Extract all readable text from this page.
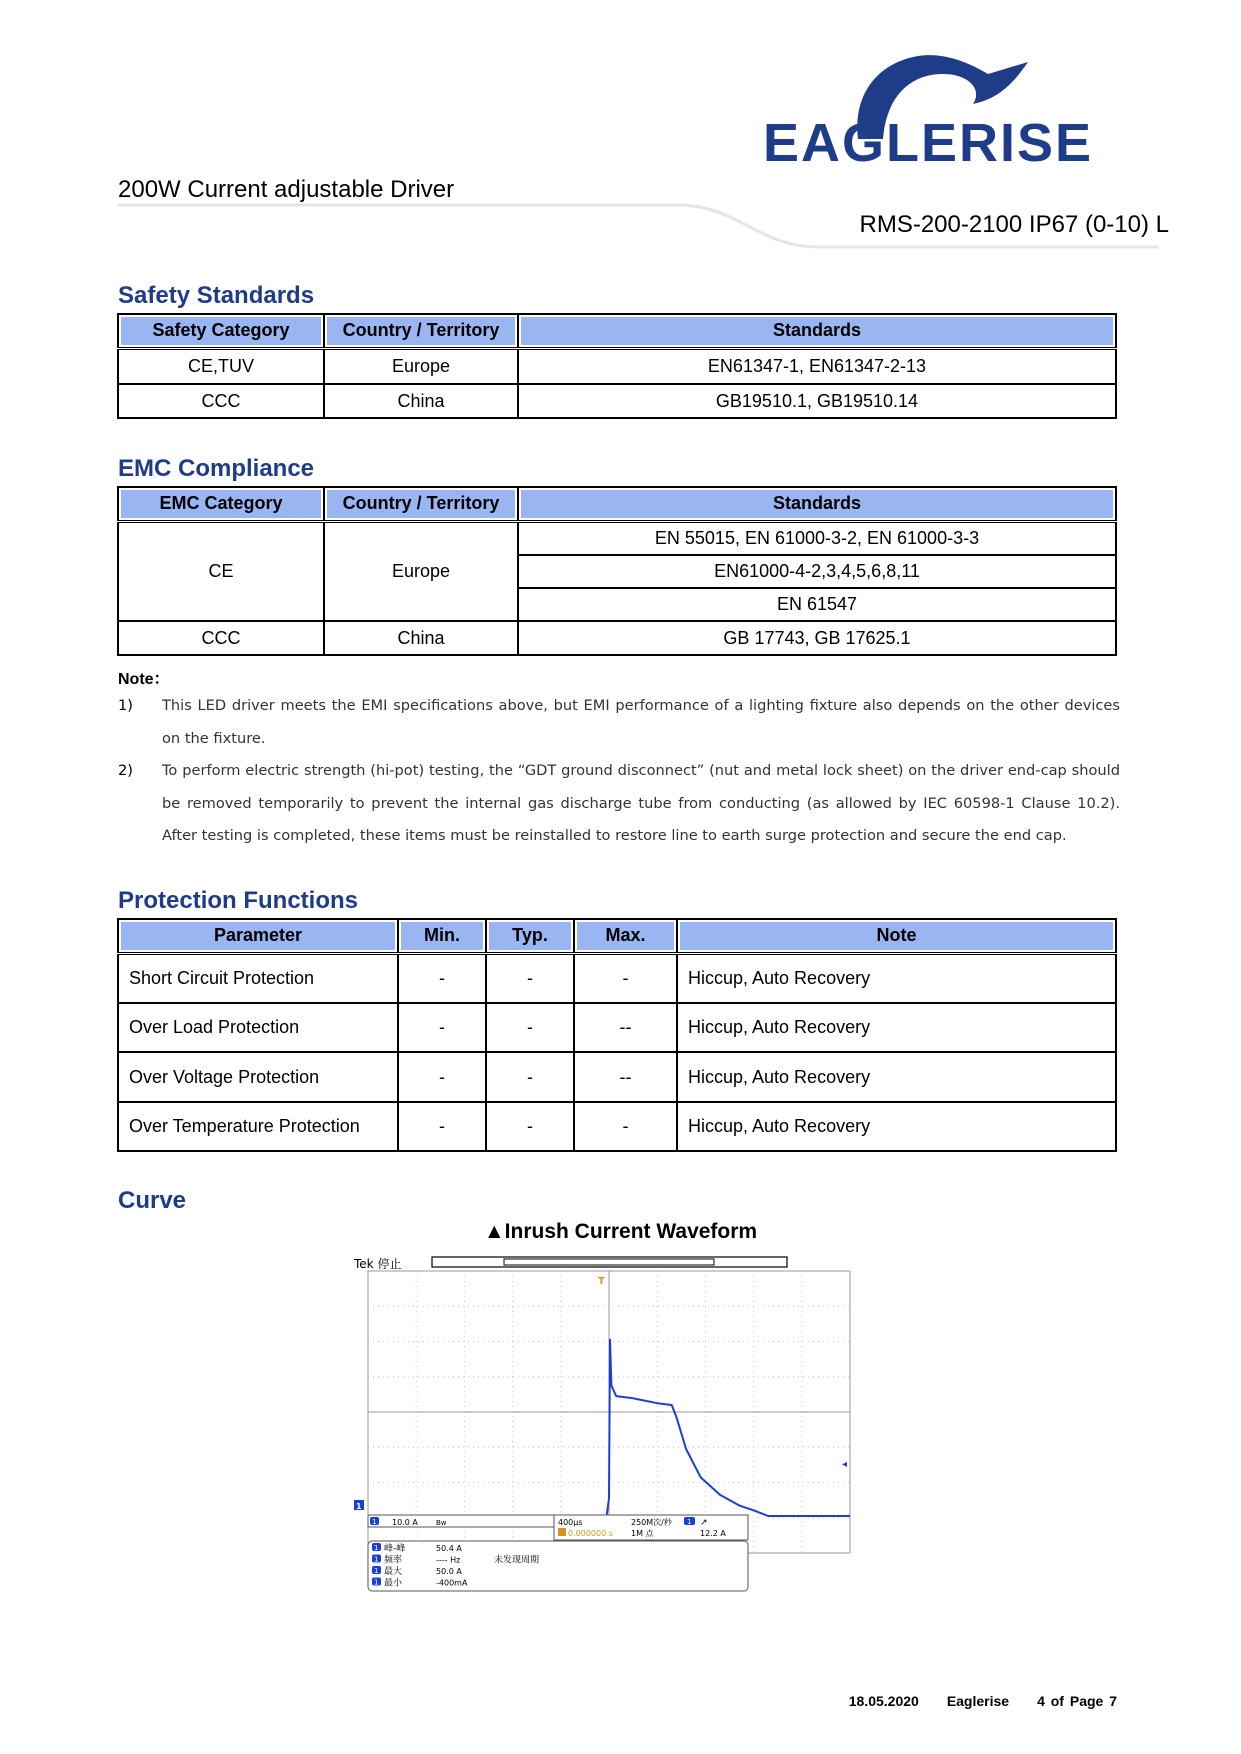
EAGLERISE
200W Current adjustable Driver
RMS-200-2100 IP67 (0-10) L
Safety Standards
Safety Category	Country / Territory	Standards
CE,TUV	Europe	EN61347-1, EN61347-2-13
CCC	China	GB19510.1, GB19510.14
EMC Compliance
EMC Category	Country / Territory	Standards
CE	Europe	EN 55015, EN 61000-3-2, EN 61000-3-3
		EN61000-4-2,3,4,5,6,8,11
		EN 61547
CCC	China	GB 17743, GB 17625.1
Note：
1) This LED driver meets the EMI specifications above, but EMI performance of a lighting fixture also depends on the other devices on the fixture.
2) To perform electric strength (hi-pot) testing, the “GDT ground disconnect” (nut and metal lock sheet) on the driver end-cap should be removed temporarily to prevent the internal gas discharge tube from conducting (as allowed by IEC 60598-1 Clause 10.2). After testing is completed, these items must be reinstalled to restore line to earth surge protection and secure the end cap.
Protection Functions
Parameter	Min.	Typ.	Max.	Note
Short Circuit Protection	-	-	-	Hiccup, Auto Recovery
Over Load Protection	-	-	--	Hiccup, Auto Recovery
Over Voltage Protection	-	-	--	Hiccup, Auto Recovery
Over Temperature Protection	-	-	-	Hiccup, Auto Recovery
Curve
▲Inrush Current Waveform
Tek 停止
T
1
◂
1 10.0 A	Bw	400μs
0.000000 s
250M次/秒
1M 点
1 ↗
12.2 A
1 峰-峰	50.4 A
1 频率	---- Hz	未发现周期
1 最大	50.0 A
1 最小	-400mA
18.05.2020 Eaglerise 4 of Page 7
